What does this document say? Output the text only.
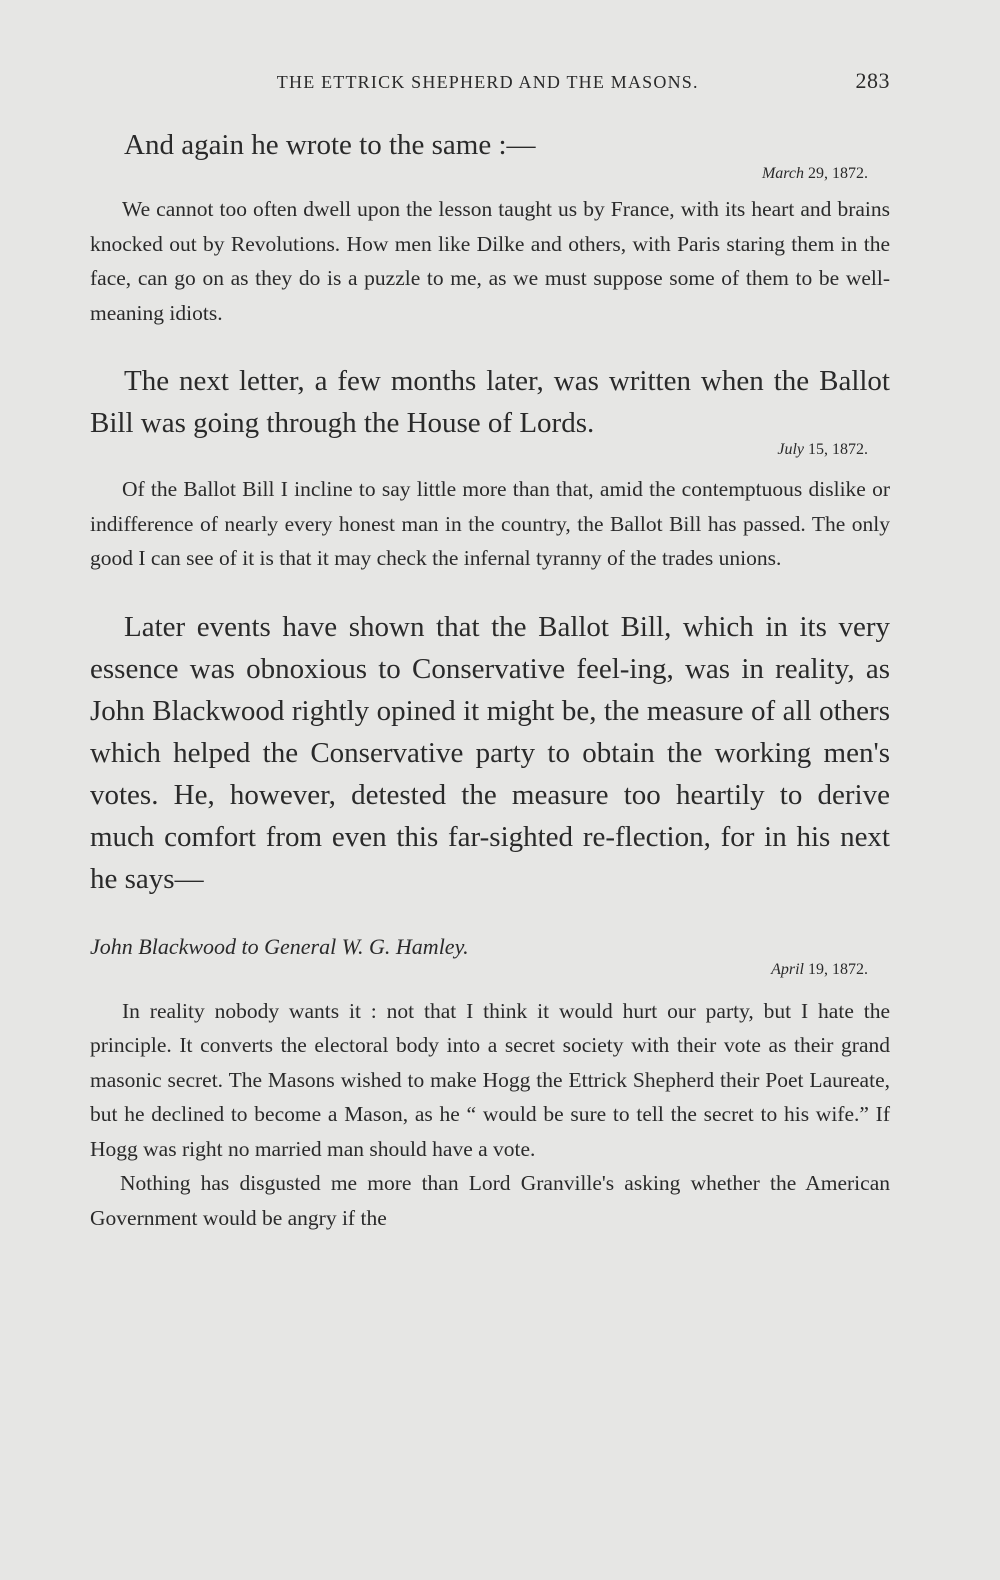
THE ETTRICK SHEPHERD AND THE MASONS.	283

And again he wrote to the same :—

March 29, 1872.

We cannot too often dwell upon the lesson taught us by France, with its heart and brains knocked out by Revolutions. How men like Dilke and others, with Paris staring them in the face, can go on as they do is a puzzle to me, as we must suppose some of them to be well-meaning idiots.

The next letter, a few months later, was written when the Ballot Bill was going through the House of Lords.

July 15, 1872.

Of the Ballot Bill I incline to say little more than that, amid the contemptuous dislike or indifference of nearly every honest man in the country, the Ballot Bill has passed. The only good I can see of it is that it may check the infernal tyranny of the trades unions.

Later events have shown that the Ballot Bill, which in its very essence was obnoxious to Conservative feel-ing, was in reality, as John Blackwood rightly opined it might be, the measure of all others which helped the Conservative party to obtain the working men's votes. He, however, detested the measure too heartily to derive much comfort from even this far-sighted re-flection, for in his next he says—

John Blackwood to General W. G. Hamley.
April 19, 1872.

In reality nobody wants it : not that I think it would hurt our party, but I hate the principle. It converts the electoral body into a secret society with their vote as their grand masonic secret. The Masons wished to make Hogg the Ettrick Shepherd their Poet Laureate, but he declined to become a Mason, as he “ would be sure to tell the secret to his wife.” If Hogg was right no married man should have a vote.

Nothing has disgusted me more than Lord Granville's asking whether the American Government would be angry if the
